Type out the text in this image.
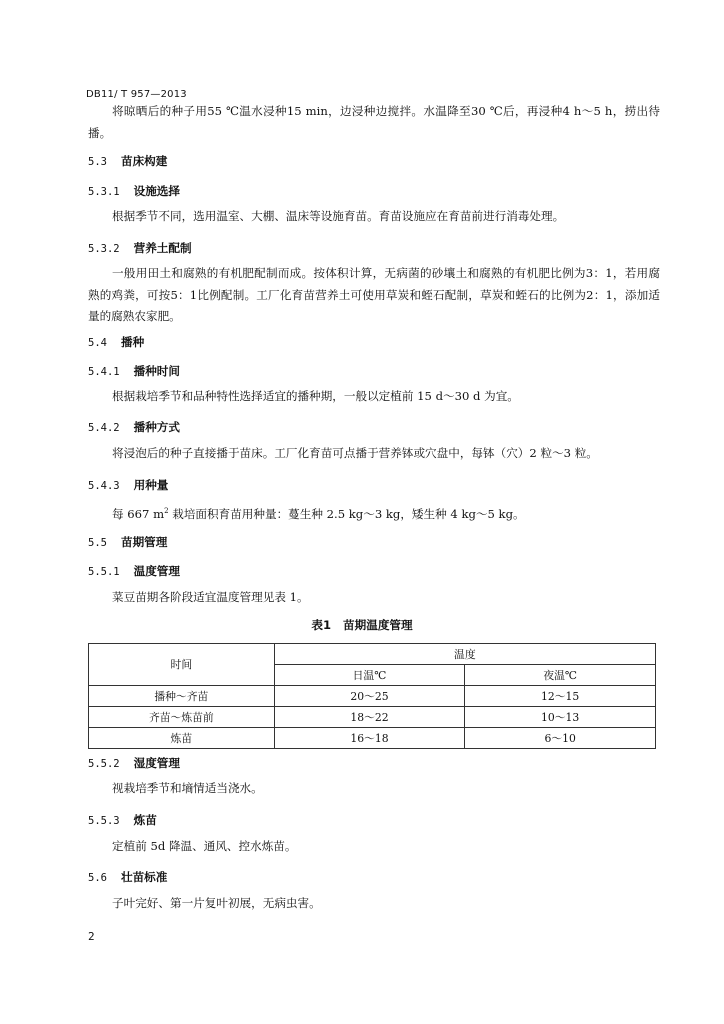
DB11/ T 957—2013
将晾晒后的种子用55 ℃温水浸种15 min，边浸种边搅拌。水温降至30 ℃后，再浸种4 h～5 h，捞出待播。
5.3 苗床构建
5.3.1 设施选择
根据季节不同，选用温室、大棚、温床等设施育苗。育苗设施应在育苗前进行消毒处理。
5.3.2 营养土配制
一般用田土和腐熟的有机肥配制而成。按体积计算，无病菌的砂壤土和腐熟的有机肥比例为3：1，若用腐熟的鸡粪，可按5：1比例配制。工厂化育苗营养土可使用草炭和蛭石配制，草炭和蛭石的比例为2：1，添加适量的腐熟农家肥。
5.4 播种
5.4.1 播种时间
根据栽培季节和品种特性选择适宜的播种期，一般以定植前 15 d～30 d 为宜。
5.4.2 播种方式
将浸泡后的种子直接播于苗床。工厂化育苗可点播于营养钵或穴盘中，每钵（穴）2 粒～3 粒。
5.4.3 用种量
每 667 $m^2$ 栽培面积育苗用种量：蔓生种 2.5 kg～3 kg，矮生种 4 kg～5 kg。
5.5 苗期管理
5.5.1 温度管理
菜豆苗期各阶段适宜温度管理见表 1。
表1 苗期温度管理
时间	温度	
	日温℃	夜温℃
播种～齐苗	20～25	12～15
齐苗～炼苗前	18～22	10～13
炼苗	16～18	6～10
5.5.2 湿度管理
视栽培季节和墒情适当浇水。
5.5.3 炼苗
定植前 5d 降温、通风、控水炼苗。
5.6 壮苗标准
子叶完好、第一片复叶初展，无病虫害。
2
